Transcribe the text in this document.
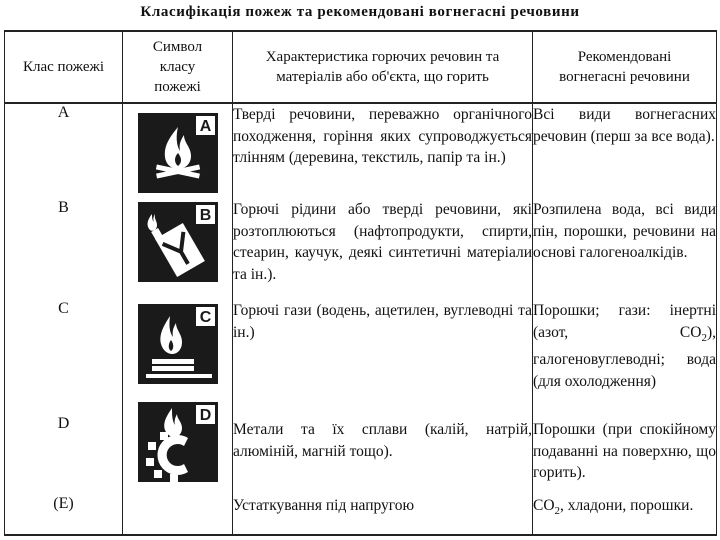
Класифікація пожеж та рекомендовані вогнегасні речовини
Клас пожежі	Символ класу пожежі	Характеристика горючих речовин та матеріалів або об'єкта, що горить	Рекомендовані вогнегасні речовини
A	A	Тверді речовини, переважно органічного походження, горіння яких супроводжується тлінням (деревина, текстиль, папір та ін.)	Всі види вогнегасних речовин (перш за все вода).
B	B	Горючі рідини або тверді речовини, які розтоплюються (нафтопродукти, спирти, стеарин, каучук, деякі синтетичні матеріали та ін.).	Розпилена вода, всі види пін, порошки, речовини на основі галогеноалкідів.
C	C	Горючі гази (водень, ацетилен, вуглеводні та ін.)	Порошки; гази: інертні (азот, $CO_2$), галогеновуглеводні; вода (для охолодження)
D	D	Метали та їх сплави (калій, натрій, алюміній, магній тощо).	Порошки (при спокійному подаванні на поверхню, що горить).
(E)		Устаткування під напругою	$CO_2$, хладони, порошки.
